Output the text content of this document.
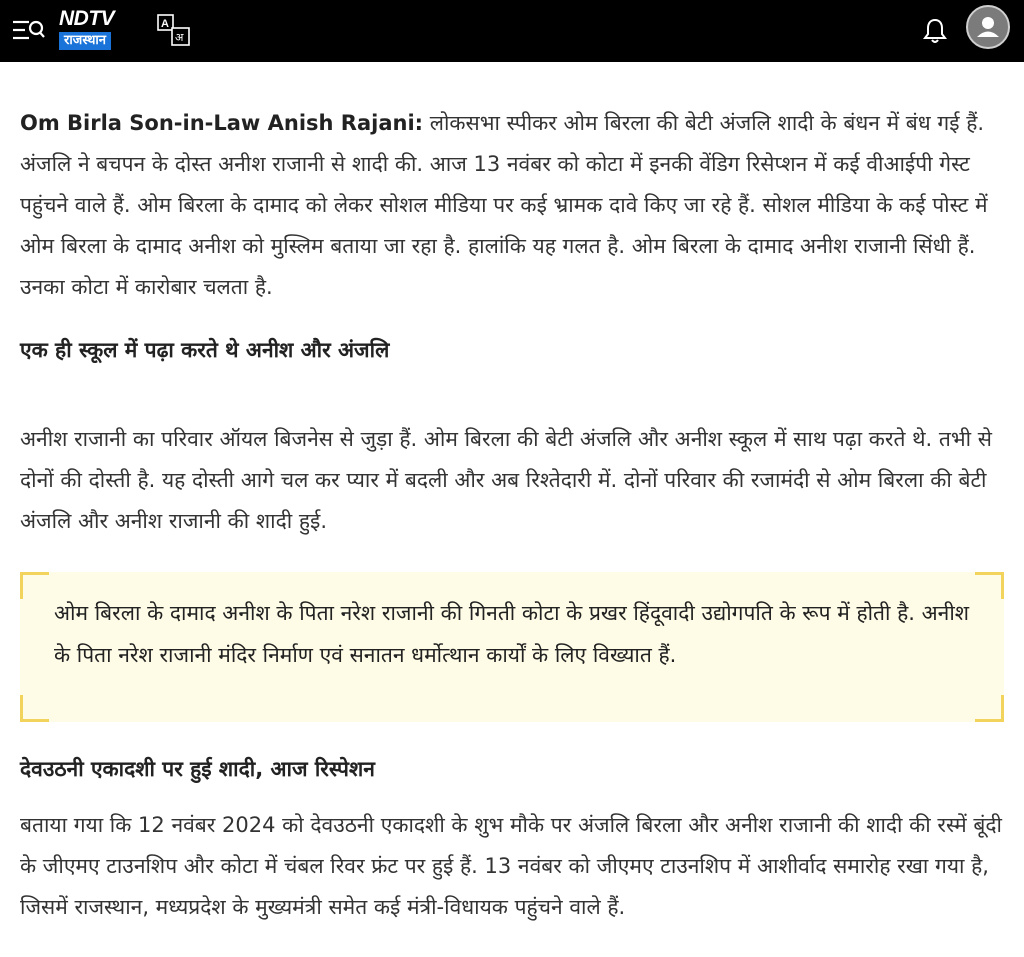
NDTV
राजस्थान
A
अ

Om Birla Son-in-Law Anish Rajani: लोकसभा स्पीकर ओम बिरला की बेटी अंजलि शादी के बंधन में बंध गई हैं. अंजलि ने बचपन के दोस्त अनीश राजानी से शादी की. आज 13 नवंबर को कोटा में इनकी वेंडिग रिसेप्शन में कई वीआईपी गेस्ट पहुंचने वाले हैं. ओम बिरला के दामाद को लेकर सोशल मीडिया पर कई भ्रामक दावे किए जा रहे हैं. सोशल मीडिया के कई पोस्ट में ओम बिरला के दामाद अनीश को मुस्लिम बताया जा रहा है. हालांकि यह गलत है. ओम बिरला के दामाद अनीश राजानी सिंधी हैं. उनका कोटा में कारोबार चलता है.

एक ही स्कूल में पढ़ा करते थे अनीश और अंजलि

अनीश राजानी का परिवार ऑयल बिजनेस से जुड़ा हैं. ओम बिरला की बेटी अंजलि और अनीश स्कूल में साथ पढ़ा करते थे. तभी से दोनों की दोस्ती है. यह दोस्ती आगे चल कर प्यार में बदली और अब रिश्तेदारी में. दोनों परिवार की रजामंदी से ओम बिरला की बेटी अंजलि और अनीश राजानी की शादी हुई.

ओम बिरला के दामाद अनीश के पिता नरेश राजानी की गिनती कोटा के प्रखर हिंदूवादी उद्योगपति के रूप में होती है. अनीश के पिता नरेश राजानी मंदिर निर्माण एवं सनातन धर्मोत्थान कार्यों के लिए विख्यात हैं.

देवउठनी एकादशी पर हुई शादी, आज रिस्पेशन

बताया गया कि 12 नवंबर 2024 को देवउठनी एकादशी के शुभ मौके पर अंजलि बिरला और अनीश राजानी की शादी की रस्में बूंदी के जीएमए टाउनशिप और कोटा में चंबल रिवर फ्रंट पर हुई हैं. 13 नवंबर को जीएमए टाउनशिप में आशीर्वाद समारोह रखा गया है, जिसमें राजस्थान, मध्यप्रदेश के मुख्यमंत्री समेत कई मंत्री-विधायक पहुंचने वाले हैं.
